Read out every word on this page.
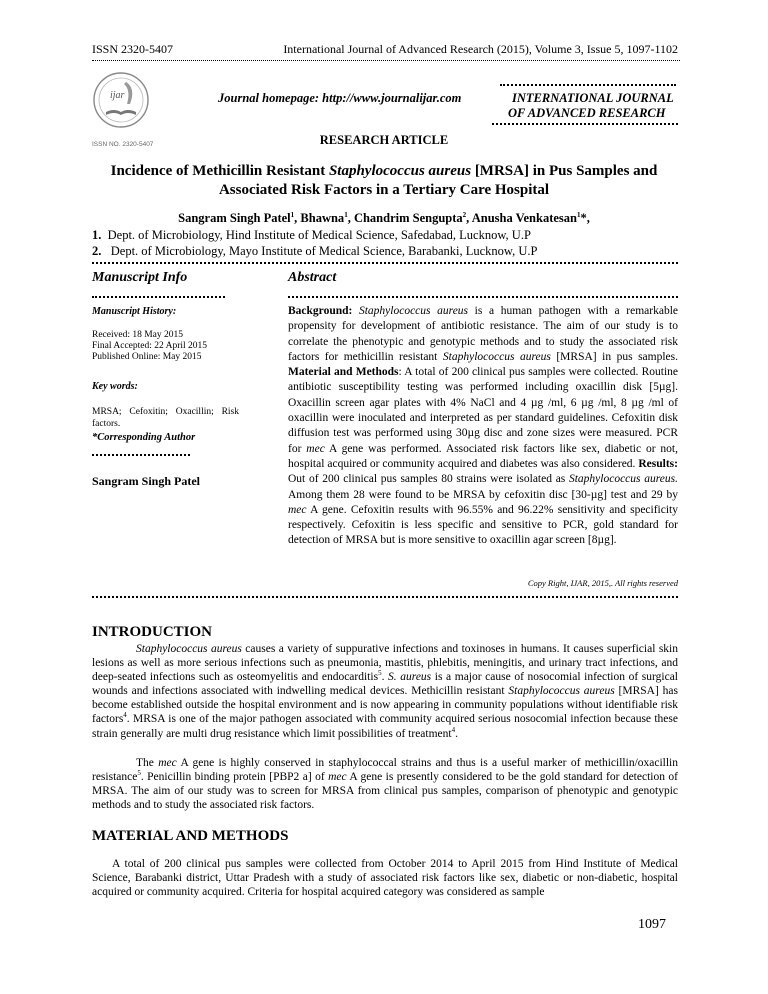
ISSN 2320-5407	International Journal of Advanced Research (2015), Volume 3, Issue 5, 1097-1102
ijar
ISSN NO. 2320-5407
Journal homepage: http://www.journalijar.com	INTERNATIONAL JOURNAL
OF ADVANCED RESEARCH
RESEARCH ARTICLE
Incidence of Methicillin Resistant Staphylococcus aureus [MRSA] in Pus Samples and
Associated Risk Factors in a Tertiary Care Hospital
Sangram Singh Patel$^1$, Bhawna$^1$, Chandrim Sengupta$^2$, Anusha Venkatesan$^1$*,
1. Dept. of Microbiology, Hind Institute of Medical Science, Safedabad, Lucknow, U.P
2. Dept. of Microbiology, Mayo Institute of Medical Science, Barabanki, Lucknow, U.P
Manuscript Info
Manuscript History:
Received: 18 May 2015
Final Accepted: 22 April 2015
Published Online: May 2015
Key words:
MRSA; Cefoxitin; Oxacillin; Risk factors.
*Corresponding Author
Sangram Singh Patel
Abstract
Background: Staphylococcus aureus is a human pathogen with a remarkable propensity for development of antibiotic resistance. The aim of our study is to correlate the phenotypic and genotypic methods and to study the associated risk factors for methicillin resistant Staphylococcus aureus [MRSA] in pus samples. Material and Methods: A total of 200 clinical pus samples were collected. Routine antibiotic susceptibility testing was performed including oxacillin disk [5µg]. Oxacillin screen agar plates with 4% NaCl and 4 µg /ml, 6 µg /ml, 8 µg /ml of oxacillin were inoculated and interpreted as per standard guidelines. Cefoxitin disk diffusion test was performed using 30µg disc and zone sizes were measured. PCR for mec A gene was performed. Associated risk factors like sex, diabetic or not, hospital acquired or community acquired and diabetes was also considered. Results: Out of 200 clinical pus samples 80 strains were isolated as Staphylococcus aureus. Among them 28 were found to be MRSA by cefoxitin disc [30-µg] test and 29 by mec A gene. Cefoxitin results with 96.55% and 96.22% sensitivity and specificity respectively. Cefoxitin is less specific and sensitive to PCR, gold standard for detection of MRSA but is more sensitive to oxacillin agar screen [8µg].
Copy Right, IJAR, 2015,. All rights reserved
INTRODUCTION
Staphylococcus aureus causes a variety of suppurative infections and toxinoses in humans. It causes superficial skin lesions as well as more serious infections such as pneumonia, mastitis, phlebitis, meningitis, and urinary tract infections, and deep-seated infections such as osteomyelitis and endocarditis$^5$. S. aureus is a major cause of nosocomial infection of surgical wounds and infections associated with indwelling medical devices. Methicillin resistant Staphylococcus aureus [MRSA] has become established outside the hospital environment and is now appearing in community populations without identifiable risk factors$^4$. MRSA is one of the major pathogen associated with community acquired serious nosocomial infection because these strain generally are multi drug resistance which limit possibilities of treatment$^4$.
The mec A gene is highly conserved in staphylococcal strains and thus is a useful marker of methicillin/oxacillin resistance$^5$. Penicillin binding protein [PBP2 a] of mec A gene is presently considered to be the gold standard for detection of MRSA. The aim of our study was to screen for MRSA from clinical pus samples, comparison of phenotypic and genotypic methods and to study the associated risk factors.
MATERIAL AND METHODS
A total of 200 clinical pus samples were collected from October 2014 to April 2015 from Hind Institute of Medical Science, Barabanki district, Uttar Pradesh with a study of associated risk factors like sex, diabetic or non-diabetic, hospital acquired or community acquired. Criteria for hospital acquired category was considered as sample
1097
